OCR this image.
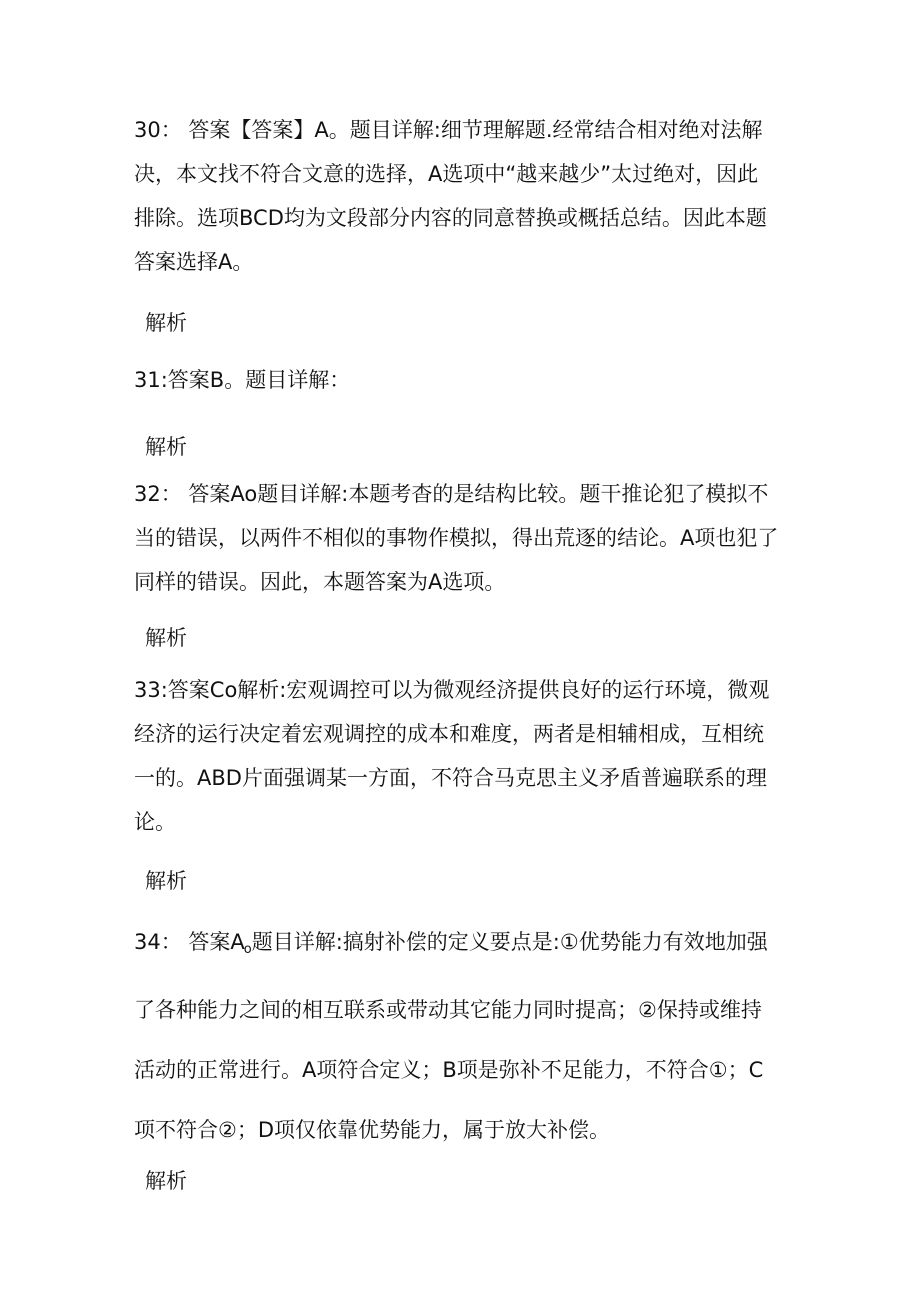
30： 答案【答案】A。题目详解:细节理解题.经常结合相对绝对法解
决，本文找不符合文意的选择，A选项中“越来越少”太过绝对，因此
排除。选项BCD均为文段部分内容的同意替换或概括总结。因此本题
答案选择A。

解析

31:答案B。题目详解：

解析

32： 答案Ao题目详解:本题考杳的是结构比较。题干推论犯了模拟不
当的错误，以两件不相似的事物作模拟，得出荒逐的结论。A项也犯了
同样的错误。因此，本题答案为A选项。

解析

33:答案Co解析:宏观调控可以为微观经济提供良好的运行环境，微观
经济的运行决定着宏观调控的成本和难度，两者是相辅相成，互相统
一的。ABD片面强调某一方面，不符合马克思主义矛盾普遍联系的理
论。

解析

34： 答案$A_o$题目详解:搞射补偿的定义要点是:①优势能力有效地加强
了各种能力之间的相互联系或带动其它能力同时提高；②保持或维持
活动的正常进行。A项符合定义；B项是弥补不足能力，不符合①；C
项不符合②；D项仅依靠优势能力，属于放大补偿。

解析
